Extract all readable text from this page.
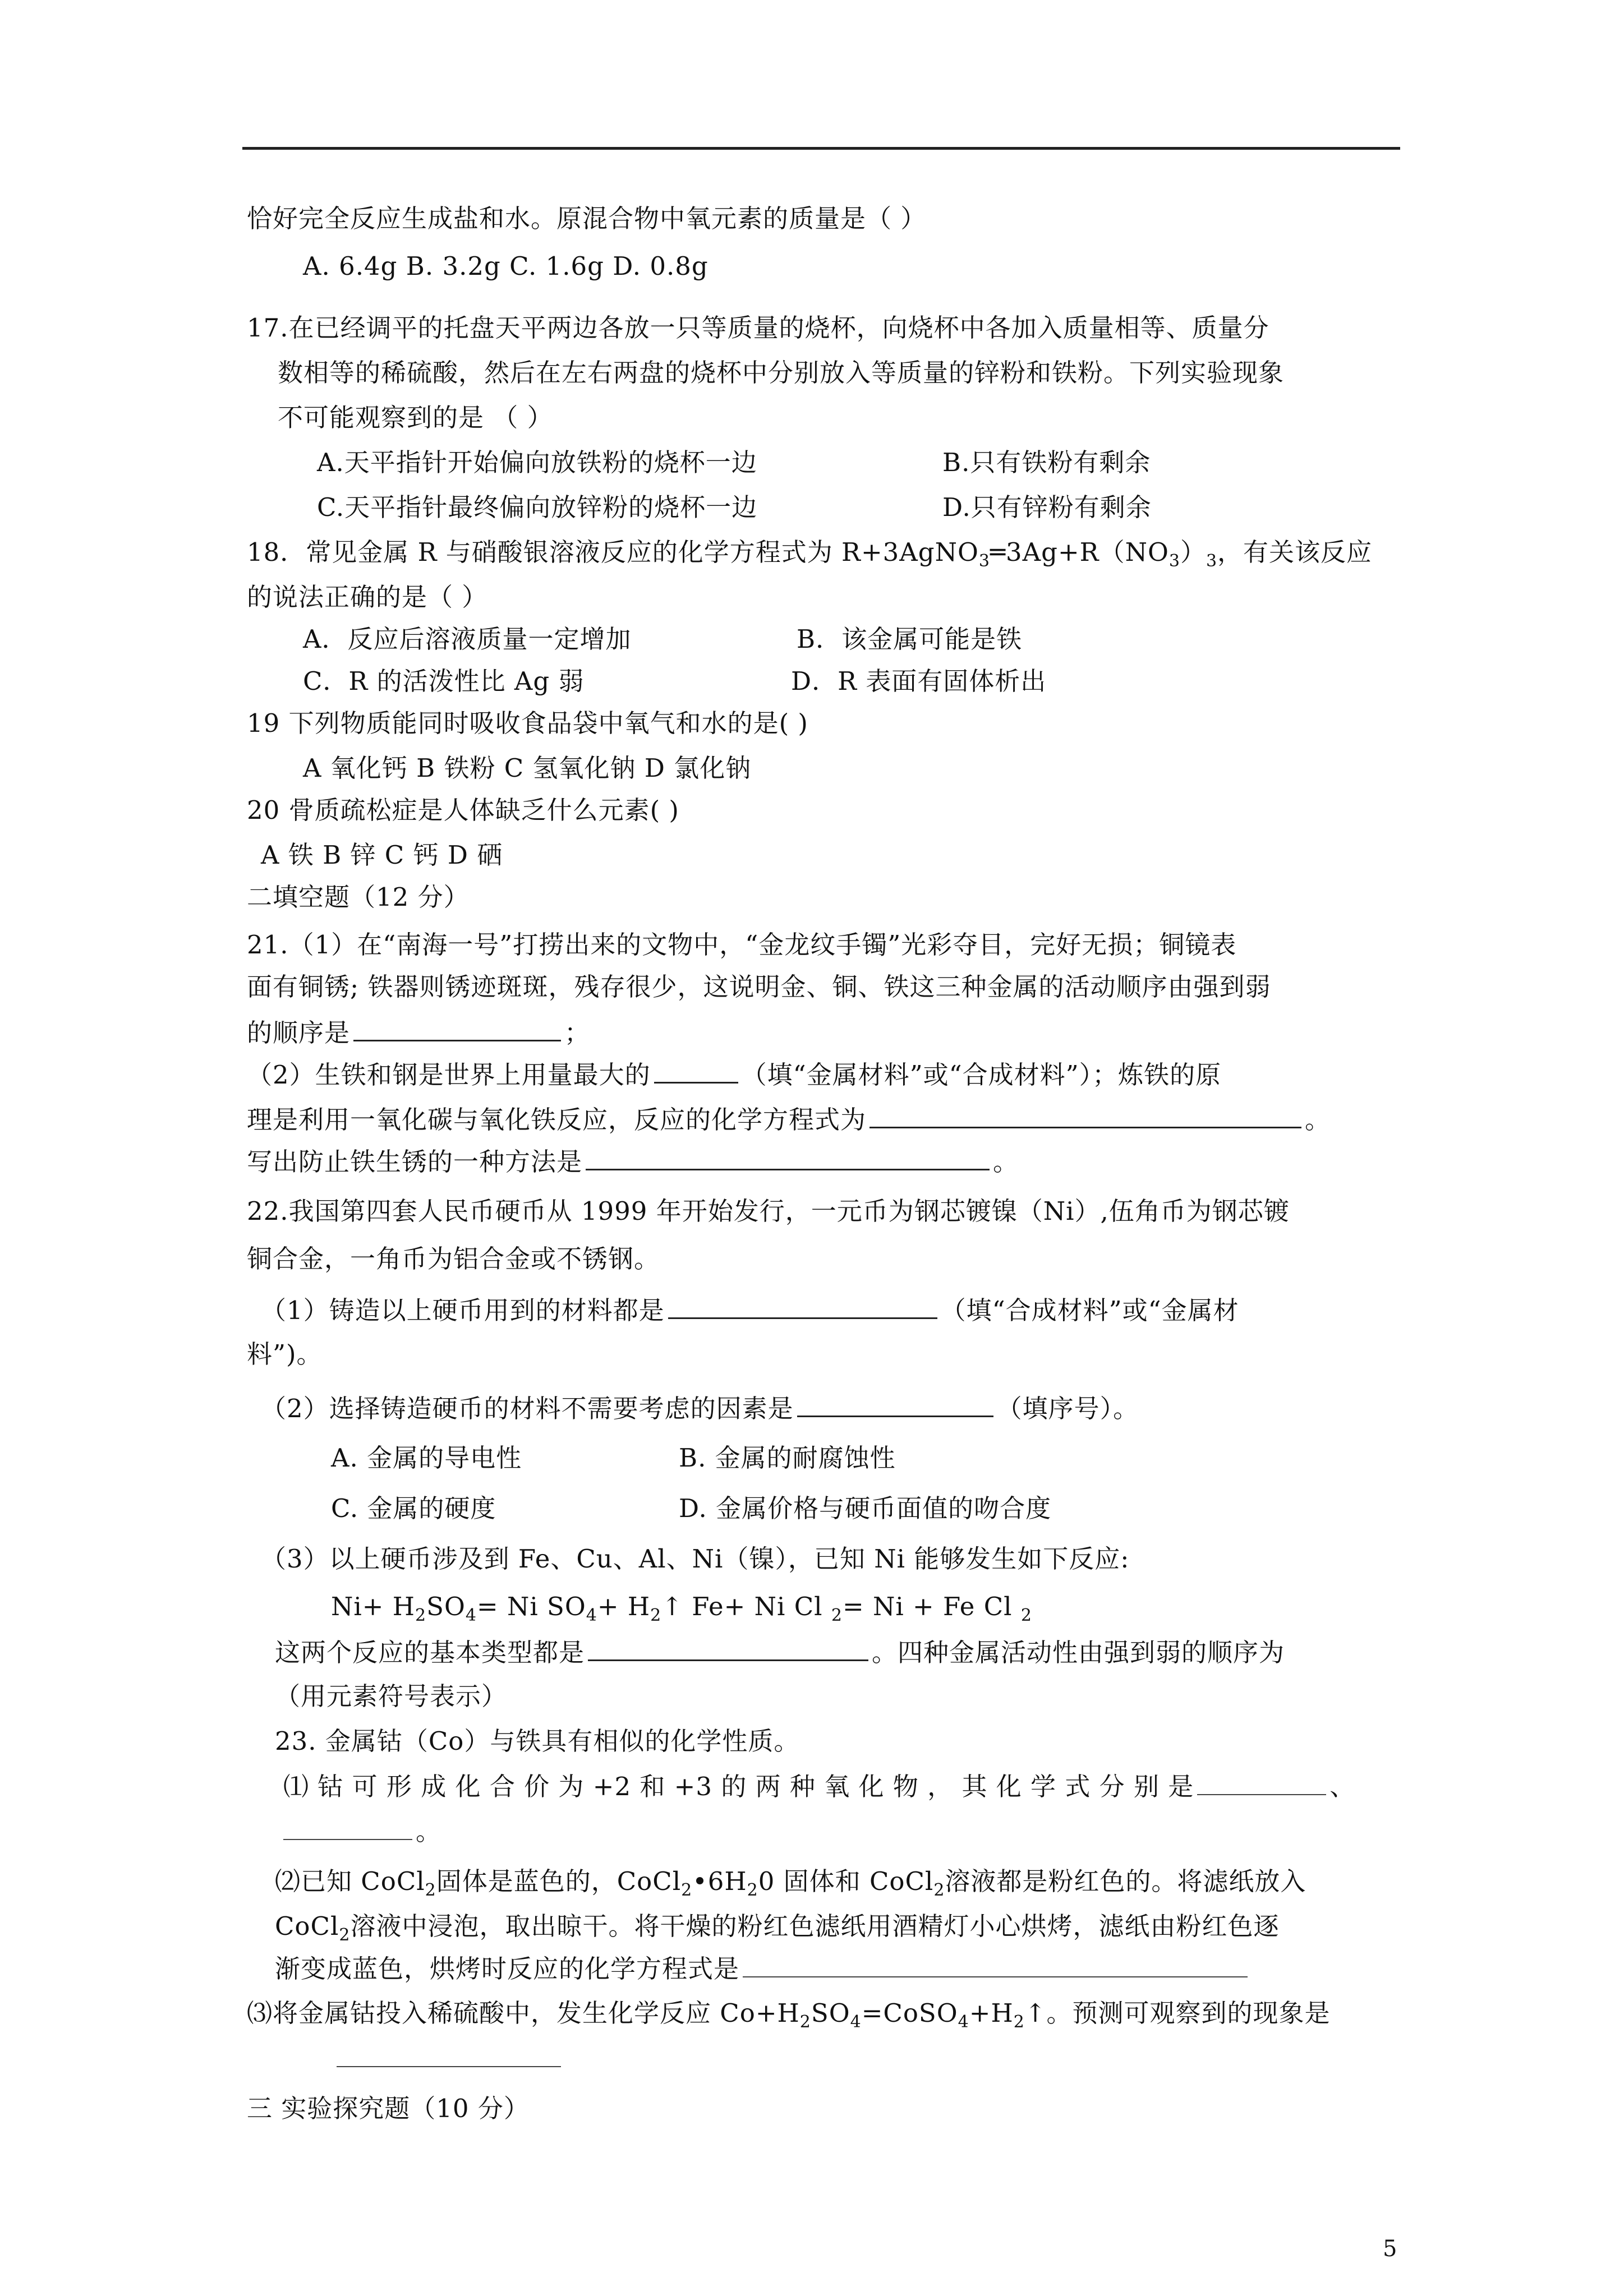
恰好完全反应生成盐和水。原混合物中氧元素的质量是（ ）
A. 6.4g B. 3.2g C. 1.6g D. 0.8g
17.在已经调平的托盘天平两边各放一只等质量的烧杯，向烧杯中各加入质量相等、质量分
数相等的稀硫酸，然后在左右两盘的烧杯中分别放入等质量的锌粉和铁粉。下列实验现象
不可能观察到的是 （ ）
A.天平指针开始偏向放铁粉的烧杯一边	B.只有铁粉有剩余
C.天平指针最终偏向放锌粉的烧杯一边	D.只有锌粉有剩余
18．常见金属 R 与硝酸银溶液反应的化学方程式为 $R+3AgNO_3═3Ag+R(NO_3)_3$，有关该反应
的说法正确的是（ ）
A．反应后溶液质量一定增加	B．该金属可能是铁
C．R 的活泼性比 Ag 弱	D．R 表面有固体析出
19 下列物质能同时吸收食品袋中氧气和水的是( )
A 氧化钙 B 铁粉 C 氢氧化钠 D 氯化钠
20 骨质疏松症是人体缺乏什么元素( )
A 铁 B 锌 C 钙 D 硒
二填空题（12 分）
21.（1）在“南海一号”打捞出来的文物中，“金龙纹手镯”光彩夺目，完好无损；铜镜表
面有铜锈; 铁器则锈迹斑斑，残存很少，这说明金、铜、铁这三种金属的活动顺序由强到弱
的顺序是	；
（2）生铁和钢是世界上用量最大的	（填“金属材料”或“合成材料”）；炼铁的原
理是利用一氧化碳与氧化铁反应，反应的化学方程式为	。
写出防止铁生锈的一种方法是	。
22.我国第四套人民币硬币从 1999 年开始发行，一元币为钢芯镀镍（Ni）,伍角币为钢芯镀
铜合金，一角币为铝合金或不锈钢。
（1）铸造以上硬币用到的材料都是	（填“合成材料”或“金属材
料”)。
（2）选择铸造硬币的材料不需要考虑的因素是	（填序号）。
A. 金属的导电性	B. 金属的耐腐蚀性
C. 金属的硬度	D. 金属价格与硬币面值的吻合度
（3）以上硬币涉及到 Fe、Cu、Al、Ni（镍），已知 Ni 能够发生如下反应:
$Ni+ H_2SO_4= Ni$ $SO_4+$ $H_2↑$ Fe+ Ni Cl $_2$= Ni + Fe Cl $_2$
这两个反应的基本类型都是	。四种金属活动性由强到弱的顺序为
（用元素符号表示）
23. 金属钴（Co）与铁具有相似的化学性质。
⑴ 钴 可 形 成 化 合 价 为 +2 和 +3 的 两 种 氧 化 物 ， 其 化 学 式 分 别 是	、
。
⑵已知 CoCl$_2$固体是蓝色的，$CoCl_2•6H_20$ 固体和 CoCl$_2$溶液都是粉红色的。将滤纸放入
CoCl$_2$溶液中浸泡，取出晾干。将干燥的粉红色滤纸用酒精灯小心烘烤，滤纸由粉红色逐
渐变成蓝色，烘烤时反应的化学方程式是
⑶将金属钴投入稀硫酸中，发生化学反应 $Co+H_2SO_4=CoSO_4+H_2↑$。预测可观察到的现象是
三 实验探究题（10 分）
5
